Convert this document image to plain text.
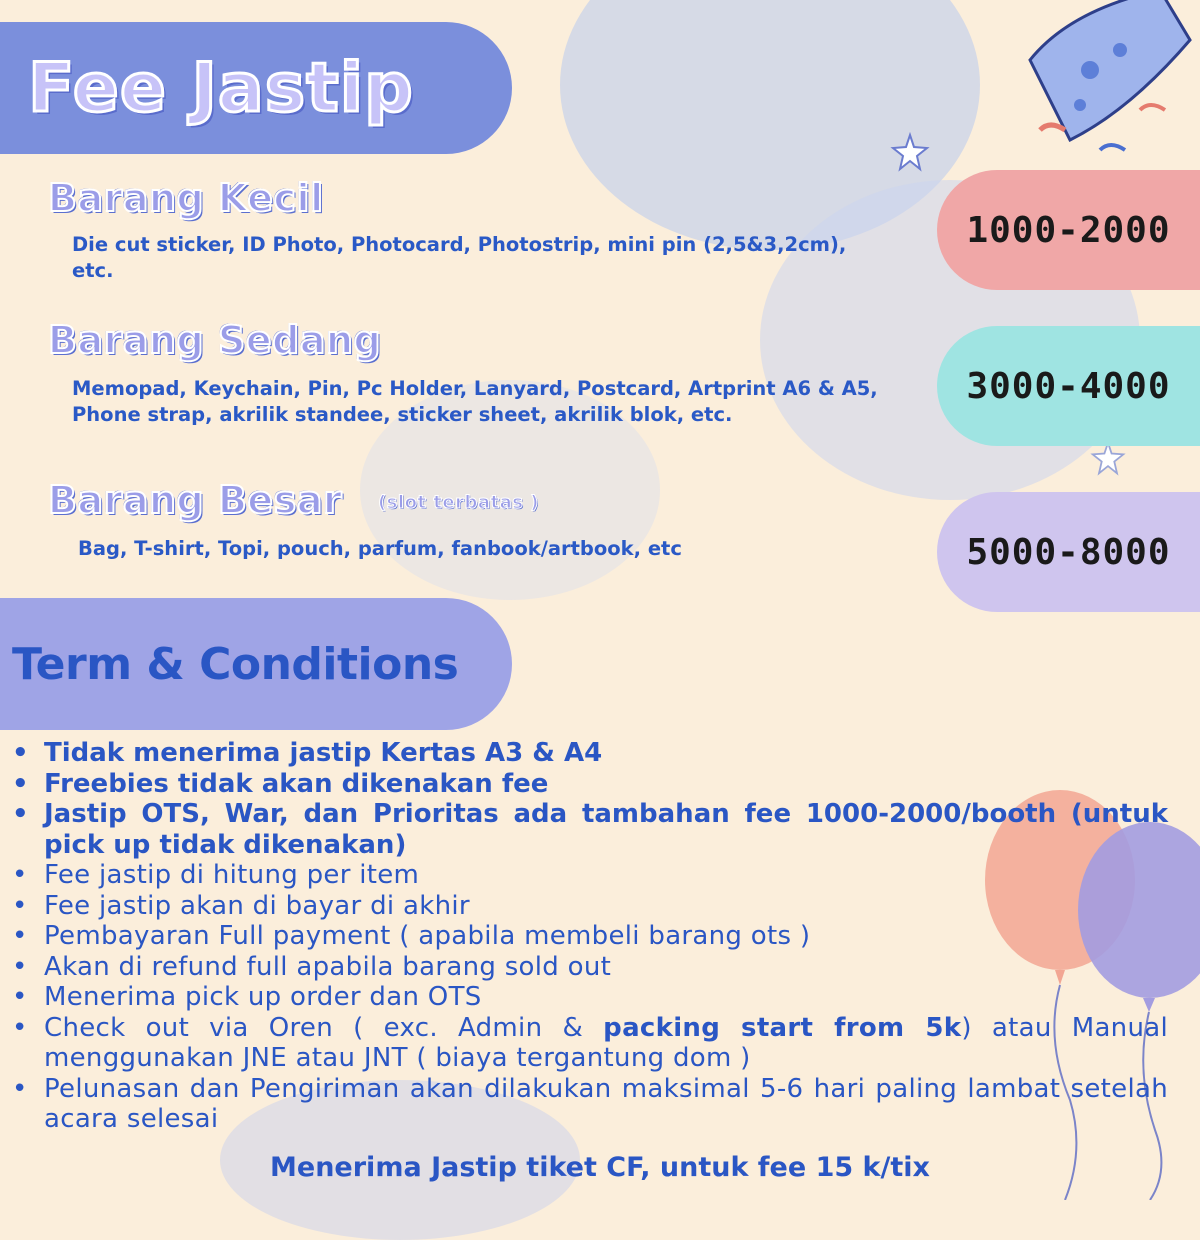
Fee Jastip
Barang Kecil
Die cut sticker, ID Photo, Photocard, Photostrip, mini pin (2,5&3,2cm), etc.
Barang Sedang
Memopad, Keychain, Pin, Pc Holder, Lanyard, Postcard, Artprint A6 & A5, Phone strap, akrilik standee, sticker sheet, akrilik blok, etc.
Barang Besar (slot terbatas )
Bag, T-shirt, Topi, pouch, parfum, fanbook/artbook, etc
1000-2000
3000-4000
5000-8000
Term & Conditions
• Tidak menerima jastip Kertas A3 & A4
• Freebies tidak akan dikenakan fee
• Jastip OTS, War, dan Prioritas ada tambahan fee 1000-2000/booth (untuk pick up tidak dikenakan)
• Fee jastip di hitung per item
• Fee jastip akan di bayar di akhir
• Pembayaran Full payment ( apabila membeli barang ots )
• Akan di refund full apabila barang sold out
• Menerima pick up order dan OTS
• Check out via Oren ( exc. Admin & packing start from 5k) atau Manual menggunakan JNE atau JNT ( biaya tergantung dom )
• Pelunasan dan Pengiriman akan dilakukan maksimal 5-6 hari paling lambat setelah acara selesai
Menerima Jastip tiket CF, untuk fee 15 k/tix
